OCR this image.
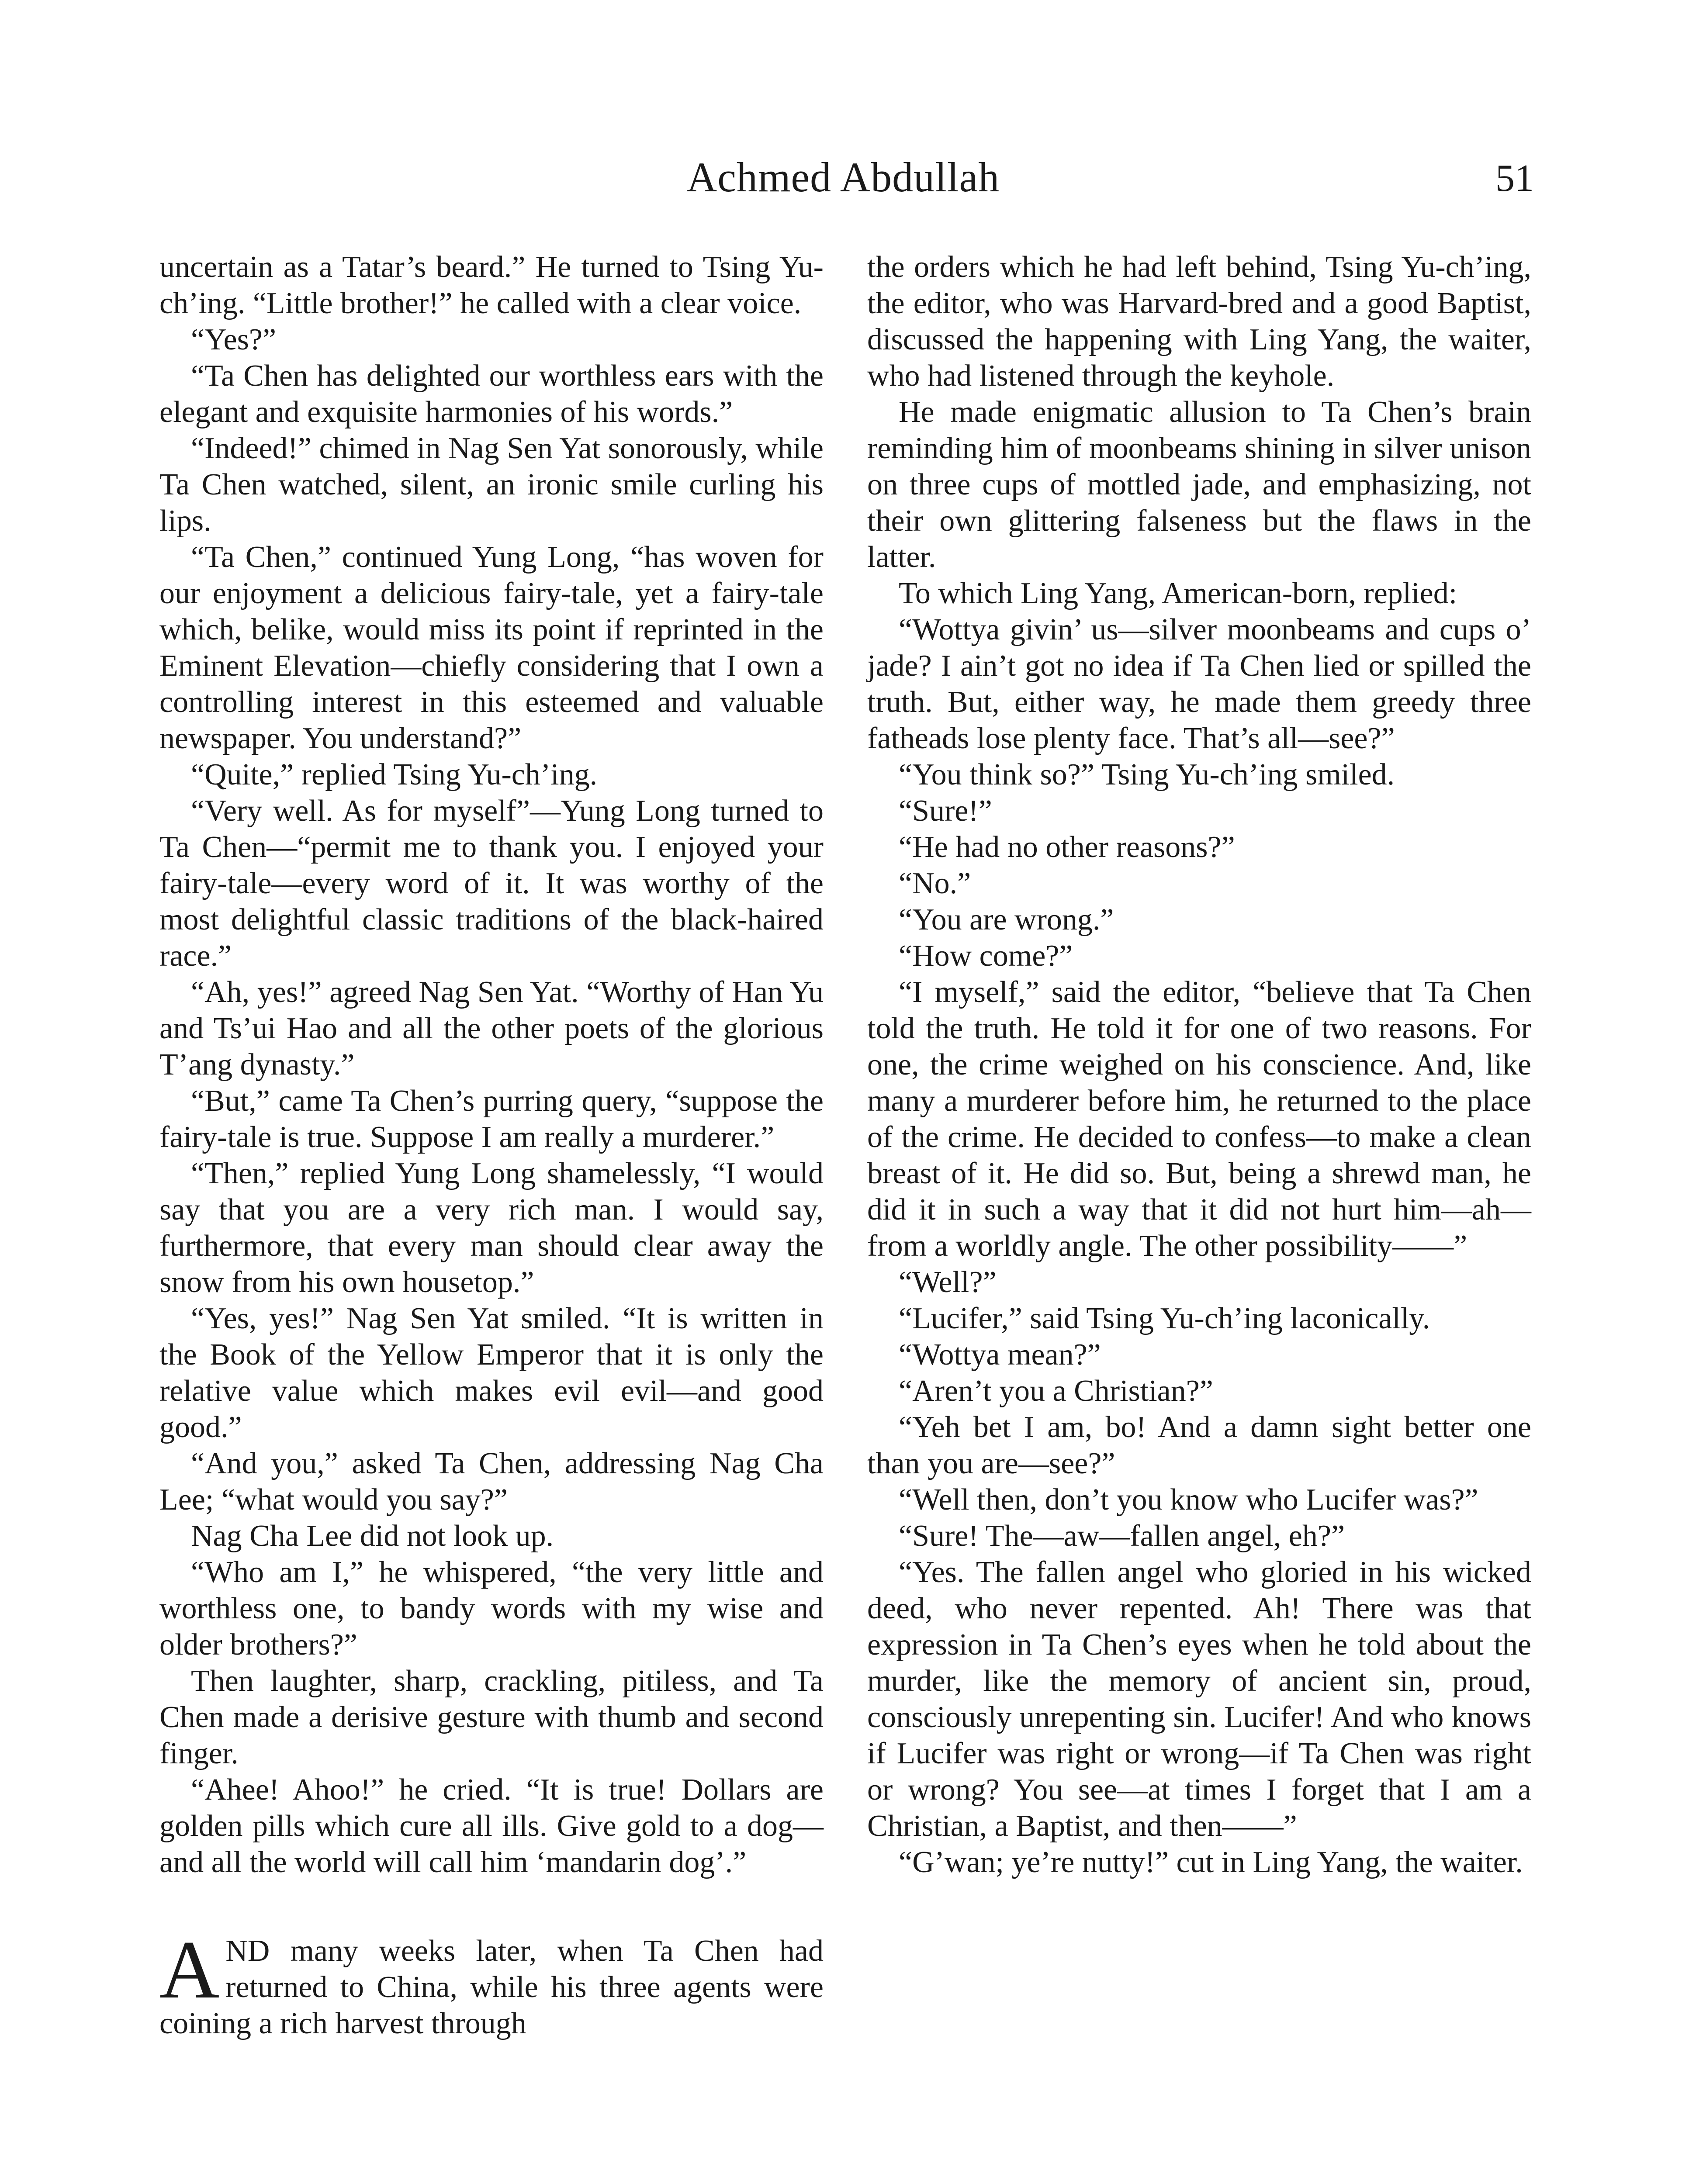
Achmed Abdullah	51

uncertain as a Tatar’s beard.” He turned to Tsing Yu-ch’ing. “Little brother!” he called with a clear voice.

“Yes?”

“Ta Chen has delighted our worthless ears with the elegant and exquisite harmonies of his words.”

“Indeed!” chimed in Nag Sen Yat sonorously, while Ta Chen watched, silent, an ironic smile curling his lips.

“Ta Chen,” continued Yung Long, “has woven for our enjoyment a delicious fairy-tale, yet a fairy-tale which, belike, would miss its point if reprinted in the Eminent Elevation—chiefly considering that I own a controlling interest in this esteemed and valuable newspaper. You understand?”

“Quite,” replied Tsing Yu-ch’ing.

“Very well. As for myself”—Yung Long turned to Ta Chen—“permit me to thank you. I enjoyed your fairy-tale—every word of it. It was worthy of the most delightful classic traditions of the black-haired race.”

“Ah, yes!” agreed Nag Sen Yat. “Worthy of Han Yu and Ts’ui Hao and all the other poets of the glorious T’ang dynasty.”

“But,” came Ta Chen’s purring query, “suppose the fairy-tale is true. Suppose I am really a murderer.”

“Then,” replied Yung Long shamelessly, “I would say that you are a very rich man. I would say, furthermore, that every man should clear away the snow from his own housetop.”

“Yes, yes!” Nag Sen Yat smiled. “It is written in the Book of the Yellow Emperor that it is only the relative value which makes evil evil—and good good.”

“And you,” asked Ta Chen, addressing Nag Cha Lee; “what would you say?”

Nag Cha Lee did not look up.

“Who am I,” he whispered, “the very little and worthless one, to bandy words with my wise and older brothers?”

Then laughter, sharp, crackling, pitiless, and Ta Chen made a derisive gesture with thumb and second finger.

“Ahee! Ahoo!” he cried. “It is true! Dollars are golden pills which cure all ills. Give gold to a dog—and all the world will call him ‘mandarin dog’.”

AND many weeks later, when Ta Chen had returned to China, while his three agents were coining a rich harvest through

the orders which he had left behind, Tsing Yu-ch’ing, the editor, who was Harvard-bred and a good Baptist, discussed the happening with Ling Yang, the waiter, who had listened through the keyhole.

He made enigmatic allusion to Ta Chen’s brain reminding him of moonbeams shining in silver unison on three cups of mottled jade, and emphasizing, not their own glittering falseness but the flaws in the latter.

To which Ling Yang, American-born, replied:

“Wottya givin’ us—silver moonbeams and cups o’ jade? I ain’t got no idea if Ta Chen lied or spilled the truth. But, either way, he made them greedy three fatheads lose plenty face. That’s all—see?”

“You think so?” Tsing Yu-ch’ing smiled.

“Sure!”

“He had no other reasons?”

“No.”

“You are wrong.”

“How come?”

“I myself,” said the editor, “believe that Ta Chen told the truth. He told it for one of two reasons. For one, the crime weighed on his conscience. And, like many a murderer before him, he returned to the place of the crime. He decided to confess—to make a clean breast of it. He did so. But, being a shrewd man, he did it in such a way that it did not hurt him—ah—from a worldly angle. The other possibility——”

“Well?”

“Lucifer,” said Tsing Yu-ch’ing laconically.

“Wottya mean?”

“Aren’t you a Christian?”

“Yeh bet I am, bo! And a damn sight better one than you are—see?”

“Well then, don’t you know who Lucifer was?”

“Sure! The—aw—fallen angel, eh?”

“Yes. The fallen angel who gloried in his wicked deed, who never repented. Ah! There was that expression in Ta Chen’s eyes when he told about the murder, like the memory of ancient sin, proud, consciously unrepenting sin. Lucifer! And who knows if Lucifer was right or wrong—if Ta Chen was right or wrong? You see—at times I forget that I am a Christian, a Baptist, and then——”

“G’wan; ye’re nutty!” cut in Ling Yang, the waiter.
